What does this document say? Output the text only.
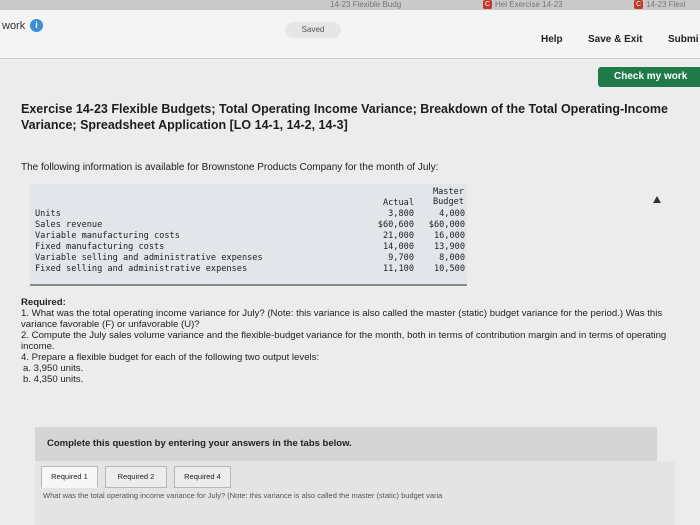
14-23 Flexible Budg	C Hel Exercise 14-23	C 14-23 Flexi
work	i	Saved
Help	Save & Exit	Submi
Check my work
Exercise 14-23 Flexible Budgets; Total Operating Income Variance; Breakdown of the Total Operating-Income Variance; Spreadsheet Application [LO 14-1, 14-2, 14-3]
The following information is available for Brownstone Products Company for the month of July:
Actual
Master
Budget
Units	3,800	4,000
Sales revenue	$60,600	$60,000
Variable manufacturing costs	21,000	16,000
Fixed manufacturing costs	14,000	13,900
Variable selling and administrative expenses	9,700	8,000
Fixed selling and administrative expenses	11,100	10,500
Required:
1. What was the total operating income variance for July? (Note: this variance is also called the master (static) budget variance for the period.) Was this variance favorable (F) or unfavorable (U)?
2. Compute the July sales volume variance and the flexible-budget variance for the month, both in terms of contribution margin and in terms of operating income.
4. Prepare a flexible budget for each of the following two output levels:
a. 3,950 units.
b. 4,350 units.
Complete this question by entering your answers in the tabs below.
Required 1	Required 2	Required 4
What was the total operating income variance for July? (Note: this variance is also called the master (static) budget varia
